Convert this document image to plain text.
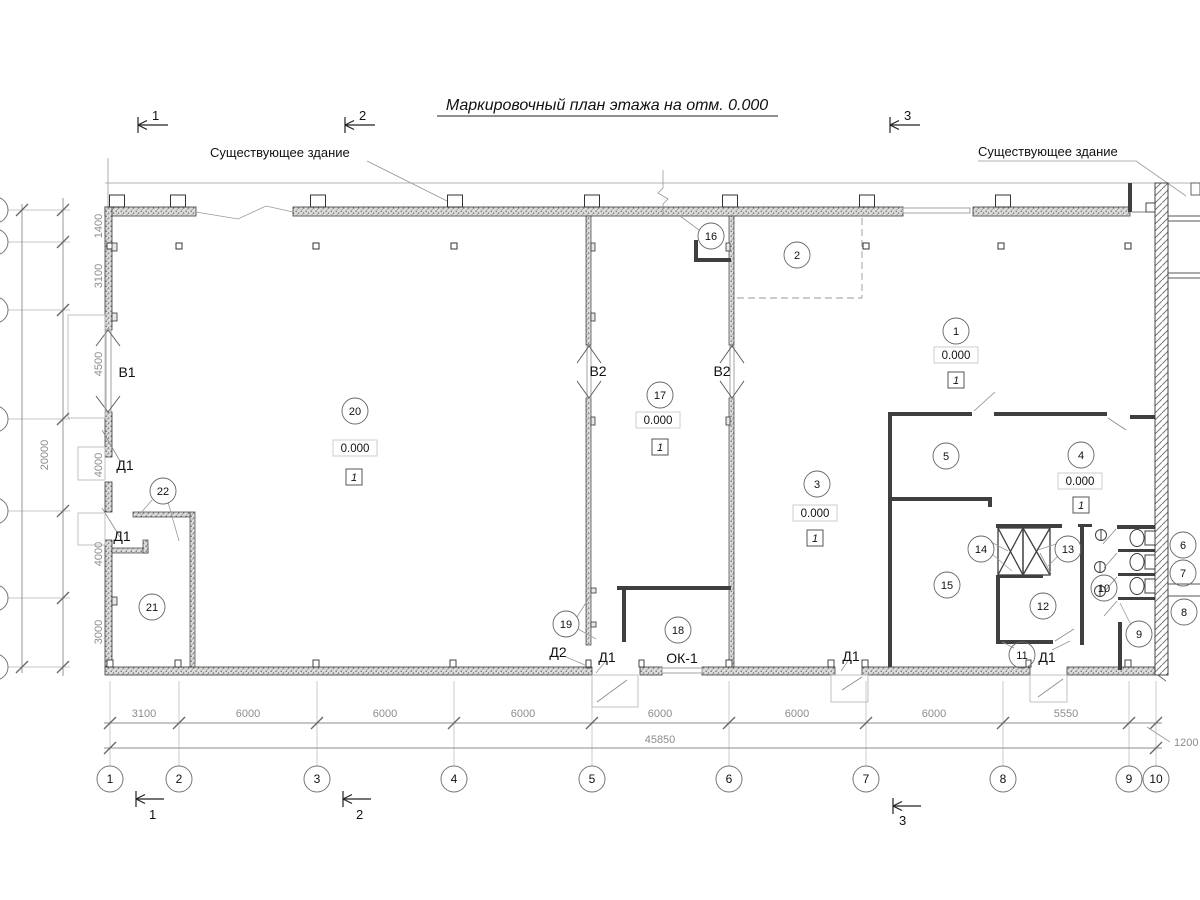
Маркировочный план этажа на отм. 0.000
Существующее здание	Существующее здание
1	2	3
1
2
3
4
5
6
7
8
9
10
11
12
13
14
15
16
17
18
19
20
21
22
0.000
1
0.000
1
0.000
1
0.000
1
0.000
1
В1	В2	В2
Д1
Д1
Д1	Д1	Д1
Д2	ОК-1
3100	6000	6000	6000	6000	6000	6000	5550
45850	1200
1	2	3	4	5	6	7	8	9 10
1	2	3
1400
3100
4500
4000
4000
3000
20000
